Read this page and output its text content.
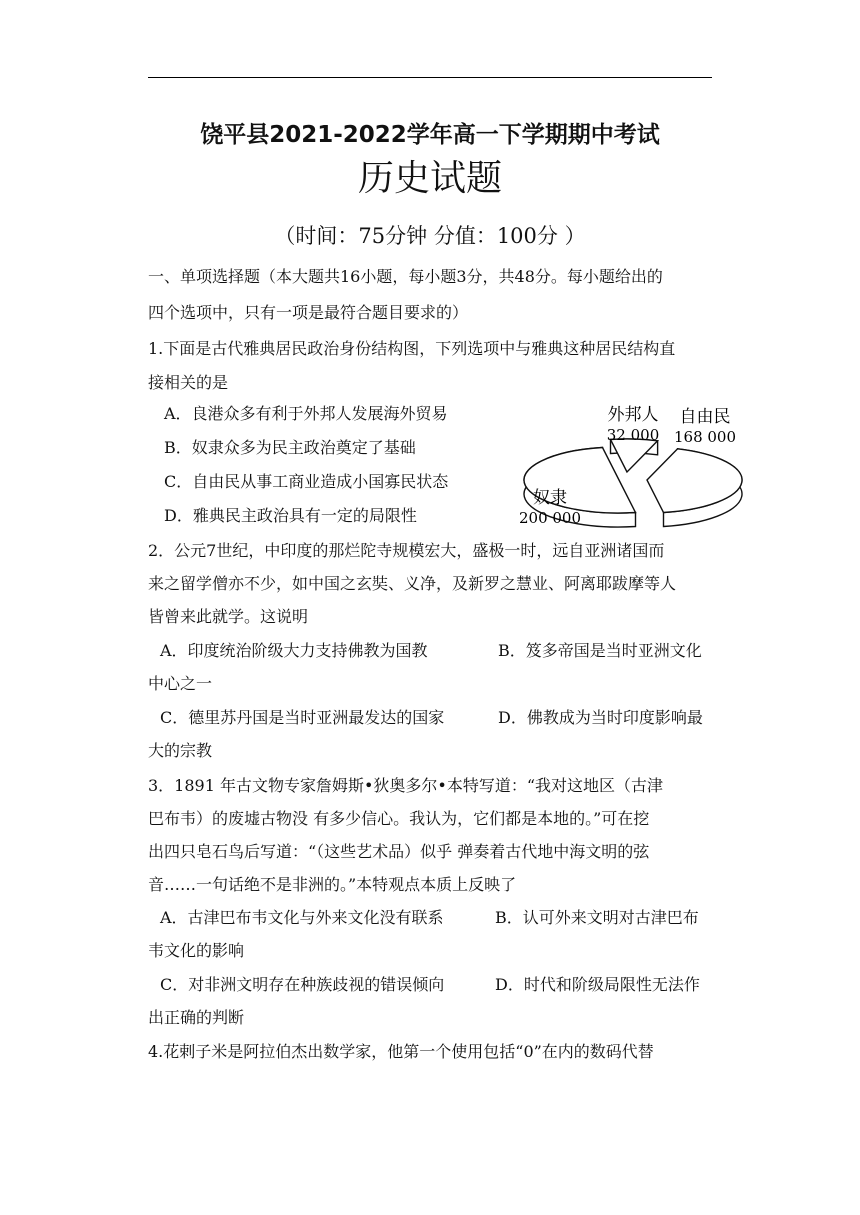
饶平县2021-2022学年高一下学期期中考试
历史试题
（时间：75分钟 分值：100分 ）
一、单项选择题（本大题共16小题，每小题3分，共48分。每小题给出的
四个选项中，只有一项是最符合题目要求的）
1.下面是古代雅典居民政治身份结构图，下列选项中与雅典这种居民结构直
接相关的是
A．良港众多有利于外邦人发展海外贸易
B．奴隶众多为民主政治奠定了基础
C．自由民从事工商业造成小国寡民状态
D．雅典民主政治具有一定的局限性
外邦人
32 000
自由民
168 000
奴隶
200 000
2．公元7世纪，中印度的那烂陀寺规模宏大，盛极一时，远自亚洲诸国而
来之留学僧亦不少，如中国之玄奘、义净，及新罗之慧业、阿离耶跋摩等人
皆曾来此就学。这说明
A．印度统治阶级大力支持佛教为国教	B．笈多帝国是当时亚洲文化
中心之一
C．德里苏丹国是当时亚洲最发达的国家	D．佛教成为当时印度影响最
大的宗教
3．1891 年古文物专家詹姆斯•狄奥多尔•本特写道：“我对这地区（古津
巴布韦）的废墟古物没 有多少信心。我认为，它们都是本地的。”可在挖
出四只皂石鸟后写道：“（这些艺术品）似乎 弹奏着古代地中海文明的弦
音……一句话绝不是非洲的。”本特观点本质上反映了
A．古津巴布韦文化与外来文化没有联系	B．认可外来文明对古津巴布
韦文化的影响
C．对非洲文明存在种族歧视的错误倾向	D．时代和阶级局限性无法作
出正确的判断
4.花剌子米是阿拉伯杰出数学家，他第一个使用包括“0”在内的数码代替
